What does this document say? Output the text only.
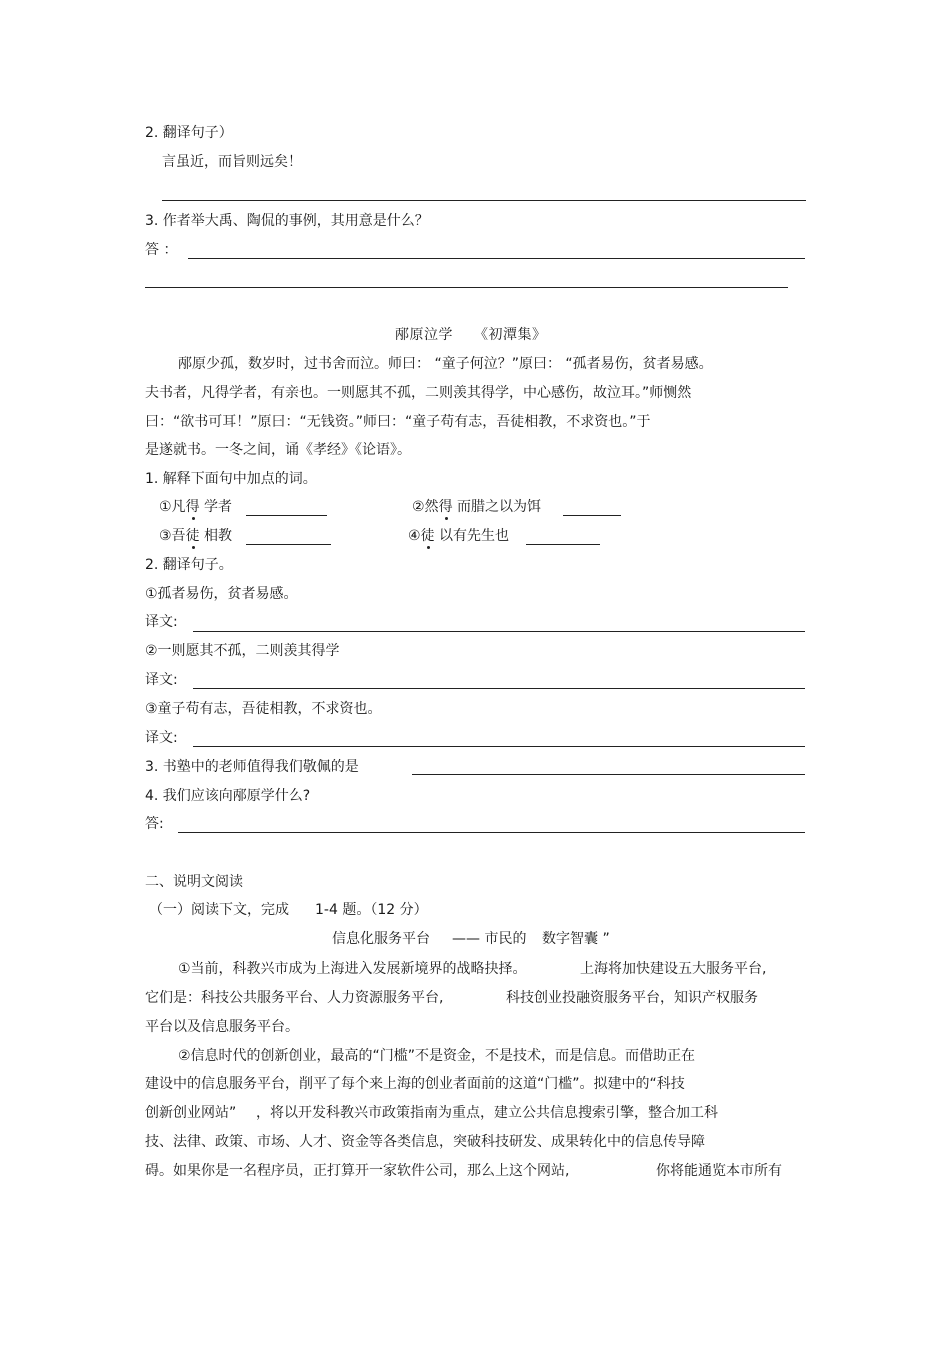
2. 翻译句子）
言虽近，而旨则远矣！
3. 作者举大禹、陶侃的事例，其用意是什么？
答 ：
邴原泣学 《初潭集》
邴原少孤，数岁时，过书舍而泣。师曰： “童子何泣？”原曰： “孤者易伤，贫者易感。
夫书者，凡得学者，有亲也。一则愿其不孤，二则羡其得学，中心感伤，故泣耳。”师恻然
曰：“欲书可耳！”原曰：“无钱资。”师曰：“童子苟有志，吾徒相教，不求资也。”于
是遂就书。一冬之间，诵《孝经》《论语》。
1. 解释下面句中加点的词。
①凡得 学者	②然得 而腊之以为饵
③吾徒 相教	④徒 以有先生也
2. 翻译句子。
①孤者易伤，贫者易感。
译文:
②一则愿其不孤，二则羡其得学
译文:
③童子苟有志，吾徒相教，不求资也。
译文:
3. 书塾中的老师值得我们敬佩的是
4. 我们应该向邴原学什么?
答:
二、说明文阅读
（一）阅读下文，完成 1-4 题。（12 分）
信息化服务平台 —— 市民的 数字智囊 ”
①当前，科教兴市成为上海进入发展新境界的战略抉择。	上海将加快建设五大服务平台,
它们是：科技公共服务平台、人力资源服务平台,	科技创业投融资服务平台，知识产权服务
平台以及信息服务平台。
②信息时代的创新创业，最高的“门槛”不是资金，不是技术，而是信息。而借助正在
建设中的信息服务平台，削平了每个来上海的创业者面前的这道“门槛”。拟建中的“科技
创新创业网站” ，将以开发科教兴市政策指南为重点，建立公共信息搜索引擎，整合加工科
技、法律、政策、市场、人才、资金等各类信息，突破科技研发、成果转化中的信息传导障
碍。如果你是一名程序员，正打算开一家软件公司，那么上这个网站,	你将能通览本市所有
